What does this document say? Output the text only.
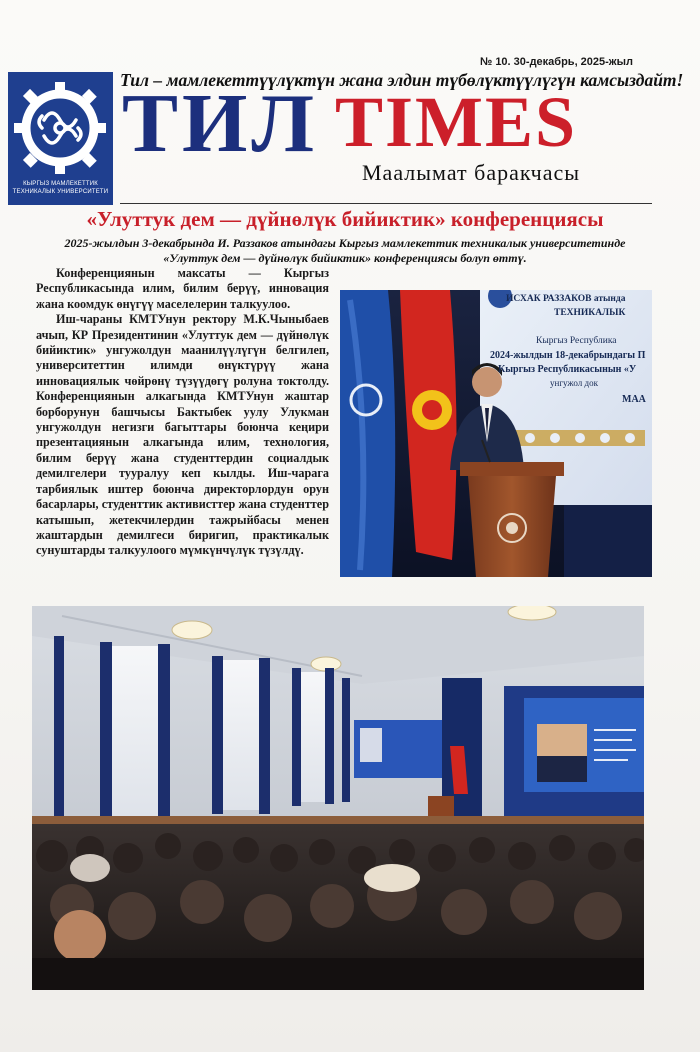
КЫРГЫЗ МАМЛЕКЕТТИК ТЕХНИКАЛЫК УНИВЕРСИТЕТИ
№ 10. 30-декабрь, 2025-жыл
Тил – мамлекеттүүлүктүн жана элдин түбөлүктүүлүгүн камсыздайт!
ТИЛ TIMES
Маалымат баракчасы
«Улуттук дем — дүйнөлүк бийиктик» конференциясы
2025-жылдын 3-декабрында И. Раззаков атындагы Кыргыз мамлекеттик техникалык университетинде
«Улуттук дем — дүйнөлүк бийиктик» конференциясы болуп өттү.

Конференциянын максаты — Кыргыз Республикасында илим, билим берүү, инновация жана коомдук өнүгүү маселелерин талкуулоо.

Иш-чараны КМТУнун ректору М.К.Чыныбаев ачып, КР Президентинин «Улуттук дем — дүйнөлүк бийиктик» унгужолдун маанилүүлүгүн белгилеп, университеттин илимди өнүктүрүү жана инновациялык чөйрөнү түзүүдөгү ролуна токтолду. Конференциянын алкагында КМТУнун жаштар борборунун башчысы Бактыбек уулу Улукман унгужолдун негизги багыттары боюнча кеңири презентациянын алкагында илим, технология, билим берүү жана студенттердин социалдык демилгелери тууралуу кеп кылды. Иш-чарага тарбиялык иштер боюнча директорлордун орун басарлары, студенттик активисттер жана студенттер катышып, жетекчилердин тажрыйбасы менен жаштардын демилгеси биригип, практикалык сунуштарды талкуулоого мүмкүнчүлүк түзүлдү.

ИСХАК РАЗЗАКОВ атында
ТЕХНИКАЛЫК
Кыргыз Республика
2024-жылдын 18-декабрындагы П
Кыргыз Республикасынын «У
унгужол док
МАА
